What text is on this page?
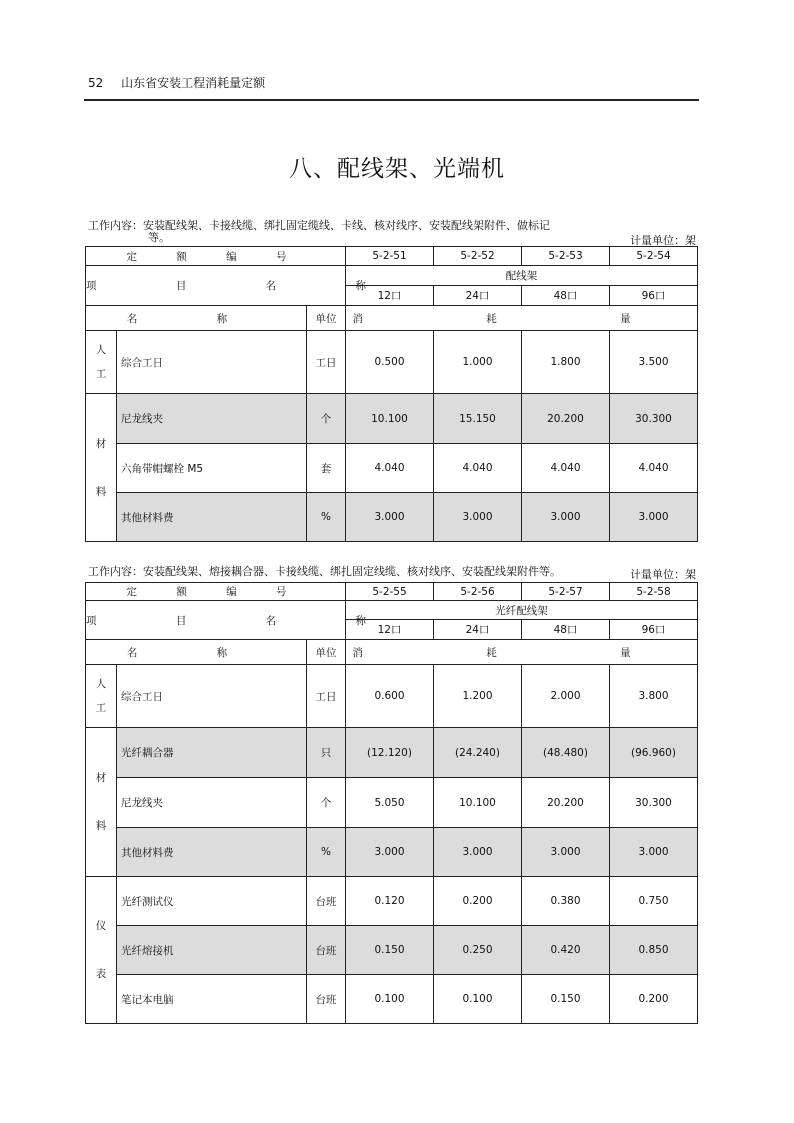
52 山东省安装工程消耗量定额
八、配线架、光端机
工作内容：安装配线架、卡接线缆、绑扎固定缆线、卡线、核对线序、安装配线架附件、做标记
等。	计量单位：架
定 额 编 号			5-2-51	5-2-52	5-2-53	5-2-54
项 目 名 称			配线架			
			12口	24口	48口	96口
名 称		单位	消 耗 量			

人
工	综合工日	工日	0.500	1.000	1.800	3.500

材
料	尼龙线夹	个	10.100	15.150	20.200	30.300
	六角带帽螺栓 M5	套	4.040	4.040	4.040	4.040
	其他材料费	%	3.000	3.000	3.000	3.000
工作内容：安装配线架、熔接耦合器、卡接线缆、绑扎固定线缆、核对线序、安装配线架附件等。	计量单位：架
定 额 编 号			5-2-55	5-2-56	5-2-57	5-2-58
项 目 名 称			光纤配线架			
			12口	24口	48口	96口
名 称		单位	消 耗 量			

人
工	综合工日	工日	0.600	1.200	2.000	3.800

材
料	光纤耦合器	只	(12.120)	(24.240)	(48.480)	(96.960)
	尼龙线夹	个	5.050	10.100	20.200	30.300
	其他材料费	%	3.000	3.000	3.000	3.000

仪
表	光纤测试仪	台班	0.120	0.200	0.380	0.750
	光纤熔接机	台班	0.150	0.250	0.420	0.850
	笔记本电脑	台班	0.100	0.100	0.150	0.200
